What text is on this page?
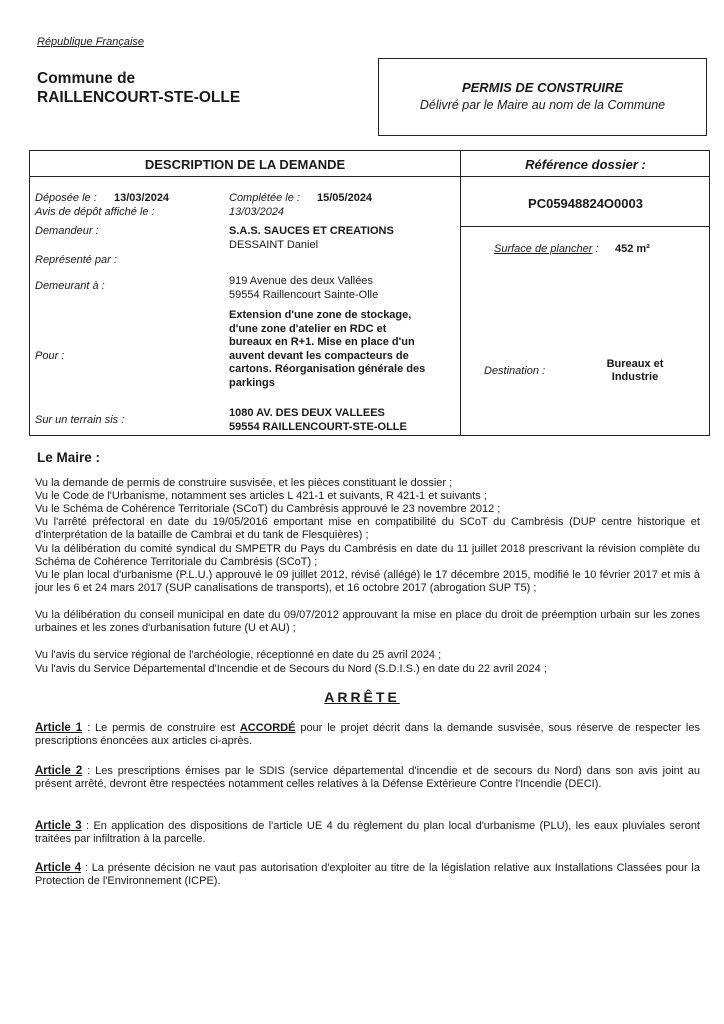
République Française
Commune de
RAILLENCOURT-STE-OLLE
PERMIS DE CONSTRUIRE
Délivré par le Maire au nom de la Commune
DESCRIPTION DE LA DEMANDE	Référence dossier :
PC05948824O0003
Déposée le : 13/03/2024	Complétée le : 15/05/2024
Avis de dépôt affiché le :	13/03/2024
Demandeur :	S.A.S. SAUCES ET CREATIONS
DESSAINT Daniel
Représenté par :
Demeurant à :	919 Avenue des deux Vallées
59554 Raillencourt Sainte-Olle
Pour :
Extension d'une zone de stockage,
d'une zone d'atelier en RDC et
bureaux en R+1. Mise en place d'un
auvent devant les compacteurs de
cartons. Réorganisation générale des
parkings
Sur un terrain sis :
1080 AV. DES DEUX VALLEES
59554 RAILLENCOURT-STE-OLLE
Surface de plancher : 452 m²
Destination :
Bureaux et
Industrie
Le Maire :
Vu la demande de permis de construire susvisée, et les pièces constituant le dossier ;
Vu le Code de l'Urbanisme, notamment ses articles L 421-1 et suivants, R 421-1 et suivants ;
Vu le Schéma de Cohérence Territoriale (SCoT) du Cambrésis approuvé le 23 novembre 2012 ;
Vu l'arrêté préfectoral en date du 19/05/2016 emportant mise en compatibilité du SCoT du Cambrésis (DUP centre historique et d'interprétation de la bataille de Cambrai et du tank de Flesquières) ;
Vu la délibération du comité syndical du SMPETR du Pays du Cambrésis en date du 11 juillet 2018 prescrivant la révision complète du Schéma de Cohérence Territoriale du Cambrésis (SCoT) ;
Vu le plan local d'urbanisme (P.L.U.) approuvé le 09 juillet 2012, révisé (allégé) le 17 décembre 2015, modifié le 10 février 2017 et mis à jour les 6 et 24 mars 2017 (SUP canalisations de transports), et 16 octobre 2017 (abrogation SUP T5) ;
Vu la délibération du conseil municipal en date du 09/07/2012 approuvant la mise en place du droit de préemption urbain sur les zones urbaines et les zones d'urbanisation future (U et AU) ;
Vu l'avis du service régional de l'archéologie, réceptionné en date du 25 avril 2024 ;
Vu l'avis du Service Départemental d'Incendie et de Secours du Nord (S.D.I.S.) en date du 22 avril 2024 ;
ARRÊTE
Article 1 : Le permis de construire est ACCORDÉ pour le projet décrit dans la demande susvisée, sous réserve de respecter les prescriptions énoncées aux articles ci-après.
Article 2 : Les prescriptions émises par le SDIS (service départemental d'incendie et de secours du Nord) dans son avis joint au présent arrêté, devront être respectées notamment celles relatives à la Défense Extérieure Contre l'Incendie (DECI).
Article 3 : En application des dispositions de l'article UE 4 du règlement du plan local d'urbanisme (PLU), les eaux pluviales seront traitées par infiltration à la parcelle.
Article 4 : La présente décision ne vaut pas autorisation d'exploiter au titre de la législation relative aux Installations Classées pour la Protection de l'Environnement (ICPE).
